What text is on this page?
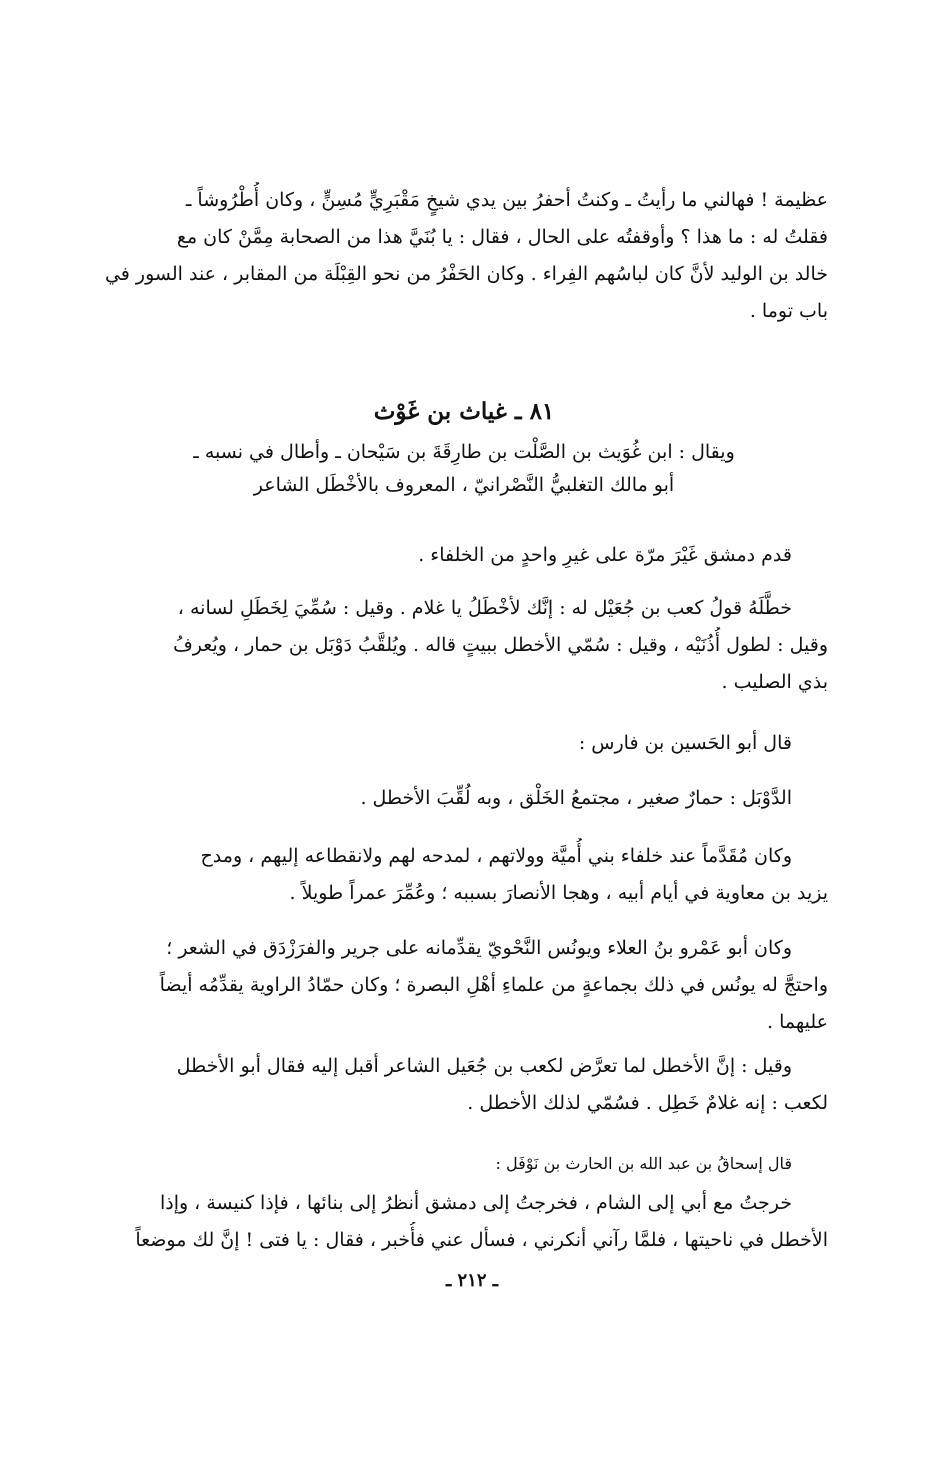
عظيمة ! فهالني ما رأيتُ ـ وكنتُ أحفرُ بين يدي شيخٍ مَقْبَرِيٍّ مُسِنٍّ ، وكان أُطْرُوشاً ـ
فقلتُ له : ما هذا ؟ وأوقفتُه على الحال ، فقال : يا بُنَيَّ هذا من الصحابة مِمَّنْ كان مع
خالد بن الوليد لأنَّ كان لباسُهم الفِراء . وكان الحَفْرُ من نحو القِبْلَة من المقابر ، عند السور في
باب توما .
٨١ ـ غياث بن غَوْث
ويقال : ابن غُوَيث بن الصَّلْت بن طارِقَةَ بن سَيْحان ـ وأطال في نسبه ـ
أبو مالك التغلبيُّ النَّصْرانيّ ، المعروف بالأخْطَل الشاعر
قدم دمشق غَيْرَ مرّة على غيرِ واحدٍ من الخلفاء .
خطَّلَهُ قولُ كعب بن جُعَيْل له : إنَّك لأخْطَلُ يا غلام . وقيل : سُمِّيَ لِخَطَلِ لسانه ،
وقيل : لطول أُذُنَيْه ، وقيل : سُمّي الأخطل ببيتٍ قاله . ويُلقَّبُ دَوْبَل بن حمار ، ويُعرفُ
بذي الصليب .
قال أبو الحَسين بن فارس :
الدَّوْبَل : حمارٌ صغير ، مجتمعُ الخَلْق ، وبه لُقِّبَ الأخطل .
وكان مُقَدَّماً عند خلفاء بني أُميَّة وولاتهم ، لمدحه لهم ولانقطاعه إليهم ، ومدح
يزيد بن معاوية في أيام أبيه ، وهجا الأنصارَ بسببه ؛ وعُمِّرَ عمراً طويلاً .
وكان أبو عَمْرو بنُ العلاء ويونُس النَّحْويّ يقدِّمانه على جرير والفرَزْدَق في الشعر ؛
واحتجَّ له يونُس في ذلك بجماعةٍ من علماءِ أهْلِ البصرة ؛ وكان حمّادُ الراوية يقدِّمُه أيضاً
عليهما .
وقيل : إنَّ الأخطل لما تعرَّض لكعب بن جُعَيل الشاعر أقبل إليه فقال أبو الأخطل
لكعب : إنه غلامٌ خَطِل . فسُمّي لذلك الأخطل .
قال إسحاقُ بن عبد الله بن الحارث بن نَوْفَل :
خرجتُ مع أبي إلى الشام ، فخرجتُ إلى دمشق أنظرُ إلى بنائها ، فإذا كنيسة ، وإذا
الأخطل في ناحيتها ، فلمَّا رآني أنكرني ، فسأل عني فأُخبر ، فقال : يا فتى ! إنَّ لك موضعاً
ـ ٢١٢ ـ
